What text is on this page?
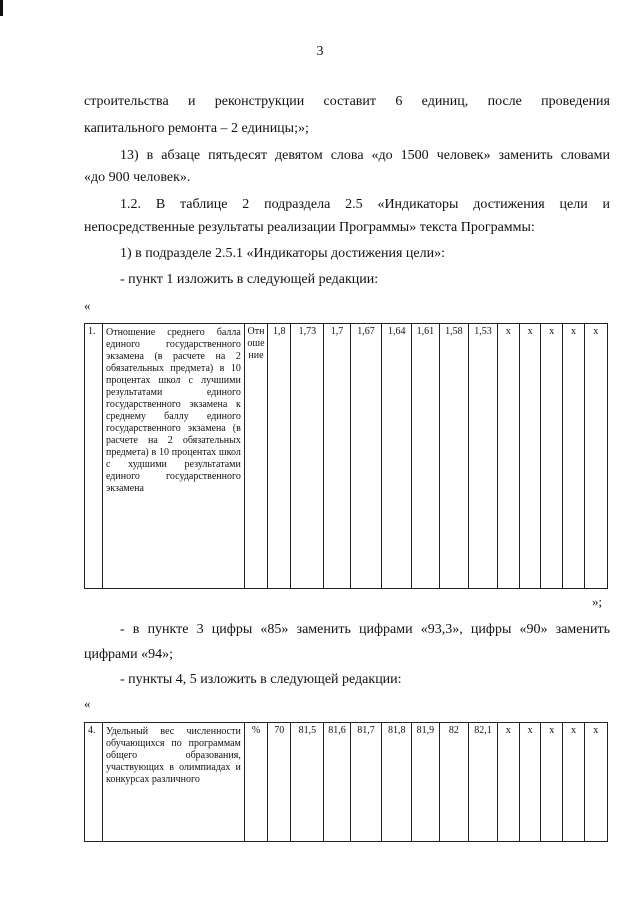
3
строительства и реконструкции составит 6 единиц, после проведения
капитального ремонта – 2 единицы;»;
13) в абзаце пятьдесят девятом слова «до 1500 человек» заменить словами
«до 900 человек».
1.2. В таблице 2 подраздела 2.5 «Индикаторы достижения цели и
непосредственные результаты реализации Программы» текста Программы:
1) в подразделе 2.5.1 «Индикаторы достижения цели»:
- пункт 1 изложить в следующей редакции:
«
1.	Отношение среднего балла единого государственного экзамена (в расчете на 2 обязательных предмета) в 10 процентах школ с лучшими результатами единого государственного экзамена к среднему баллу единого государственного экзамена (в расчете на 2 обязательных предмета) в 10 процентах школ с худшими результатами единого государственного экзамена	Отношение	1,8	1,73	1,7	1,67	1,64	1,61	1,58	1,53	х	х	х	х	х
»;
- в пункте 3 цифры «85» заменить цифрами «93,3», цифры «90» заменить
цифрами «94»;
- пункты 4, 5 изложить в следующей редакции:
«
4.	Удельный вес численности обучающихся по программам общего образования, участвующих в олимпиадах и конкурсах различного	%	70	81,5	81,6	81,7	81,8	81,9	82	82,1	х	х	х	х	х
